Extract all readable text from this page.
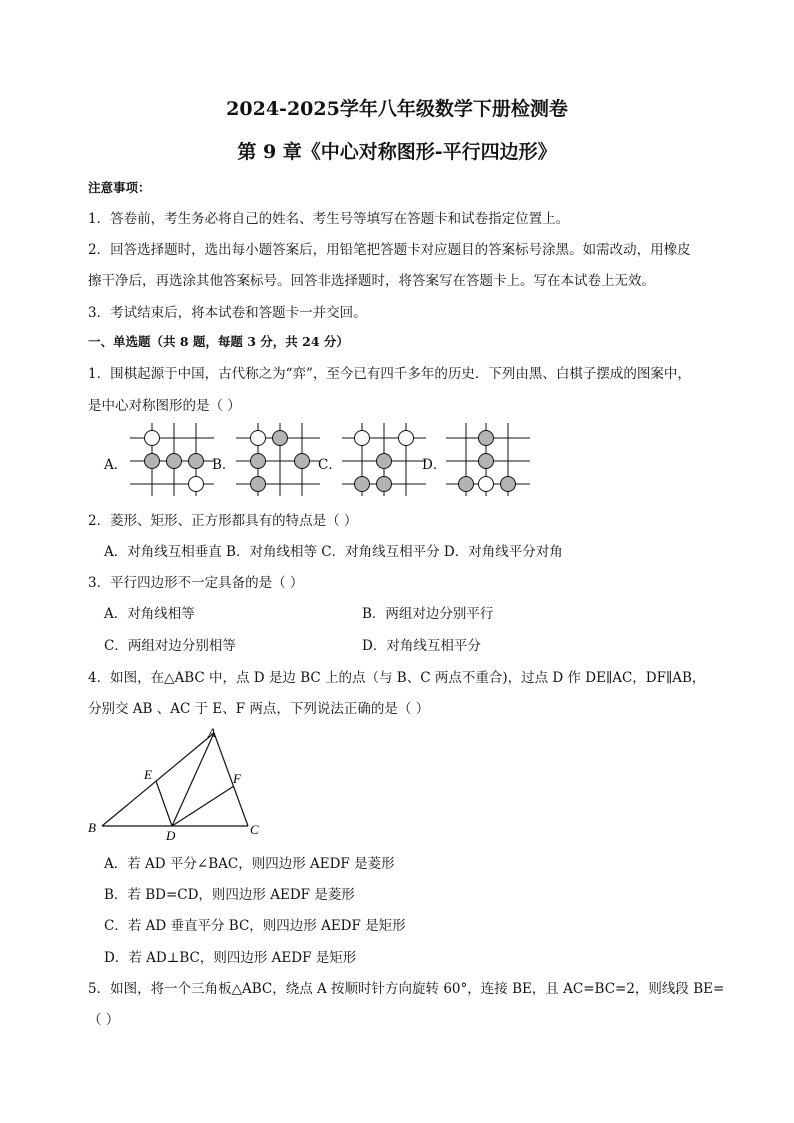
2024-2025学年八年级数学下册检测卷
第 9 章《中心对称图形-平行四边形》
注意事项：
1．答卷前，考生务必将自己的姓名、考生号等填写在答题卡和试卷指定位置上。
2．回答选择题时，选出每小题答案后，用铅笔把答题卡对应题目的答案标号涂黑。如需改动，用橡皮
擦干净后，再选涂其他答案标号。回答非选择题时，将答案写在答题卡上。写在本试卷上无效。
3．考试结束后，将本试卷和答题卡一并交回。
一、单选题（共 8 题，每题 3 分，共 24 分）
1．围棋起源于中国，古代称之为“弈”，至今已有四千多年的历史．下列由黑、白棋子摆成的图案中，
是中心对称图形的是（ ）
A．	B．	C．	D．
2．菱形、矩形、正方形都具有的特点是（ ）
A．对角线互相垂直 B．对角线相等 C．对角线互相平分 D．对角线平分对角
3．平行四边形不一定具备的是（ ）
A．对角线相等	B．两组对边分别平行
C．两组对边分别相等	D．对角线互相平分
4．如图，在△ABC 中，点 D 是边 BC 上的点（与 B、C 两点不重合)，过点 D 作 DE∥AC，DF∥AB，
分别交 AB 、AC 于 E、F 两点，下列说法正确的是（ ）
A
B	C
D
E	F
A．若 AD 平分∠BAC，则四边形 AEDF 是菱形
B．若 BD=CD，则四边形 AEDF 是菱形
C．若 AD 垂直平分 BC，则四边形 AEDF 是矩形
D．若 AD⊥BC，则四边形 AEDF 是矩形
5．如图，将一个三角板△ABC，绕点 A 按顺时针方向旋转 60°，连接 BE，且 AC=BC=2，则线段 BE=
（ ）
